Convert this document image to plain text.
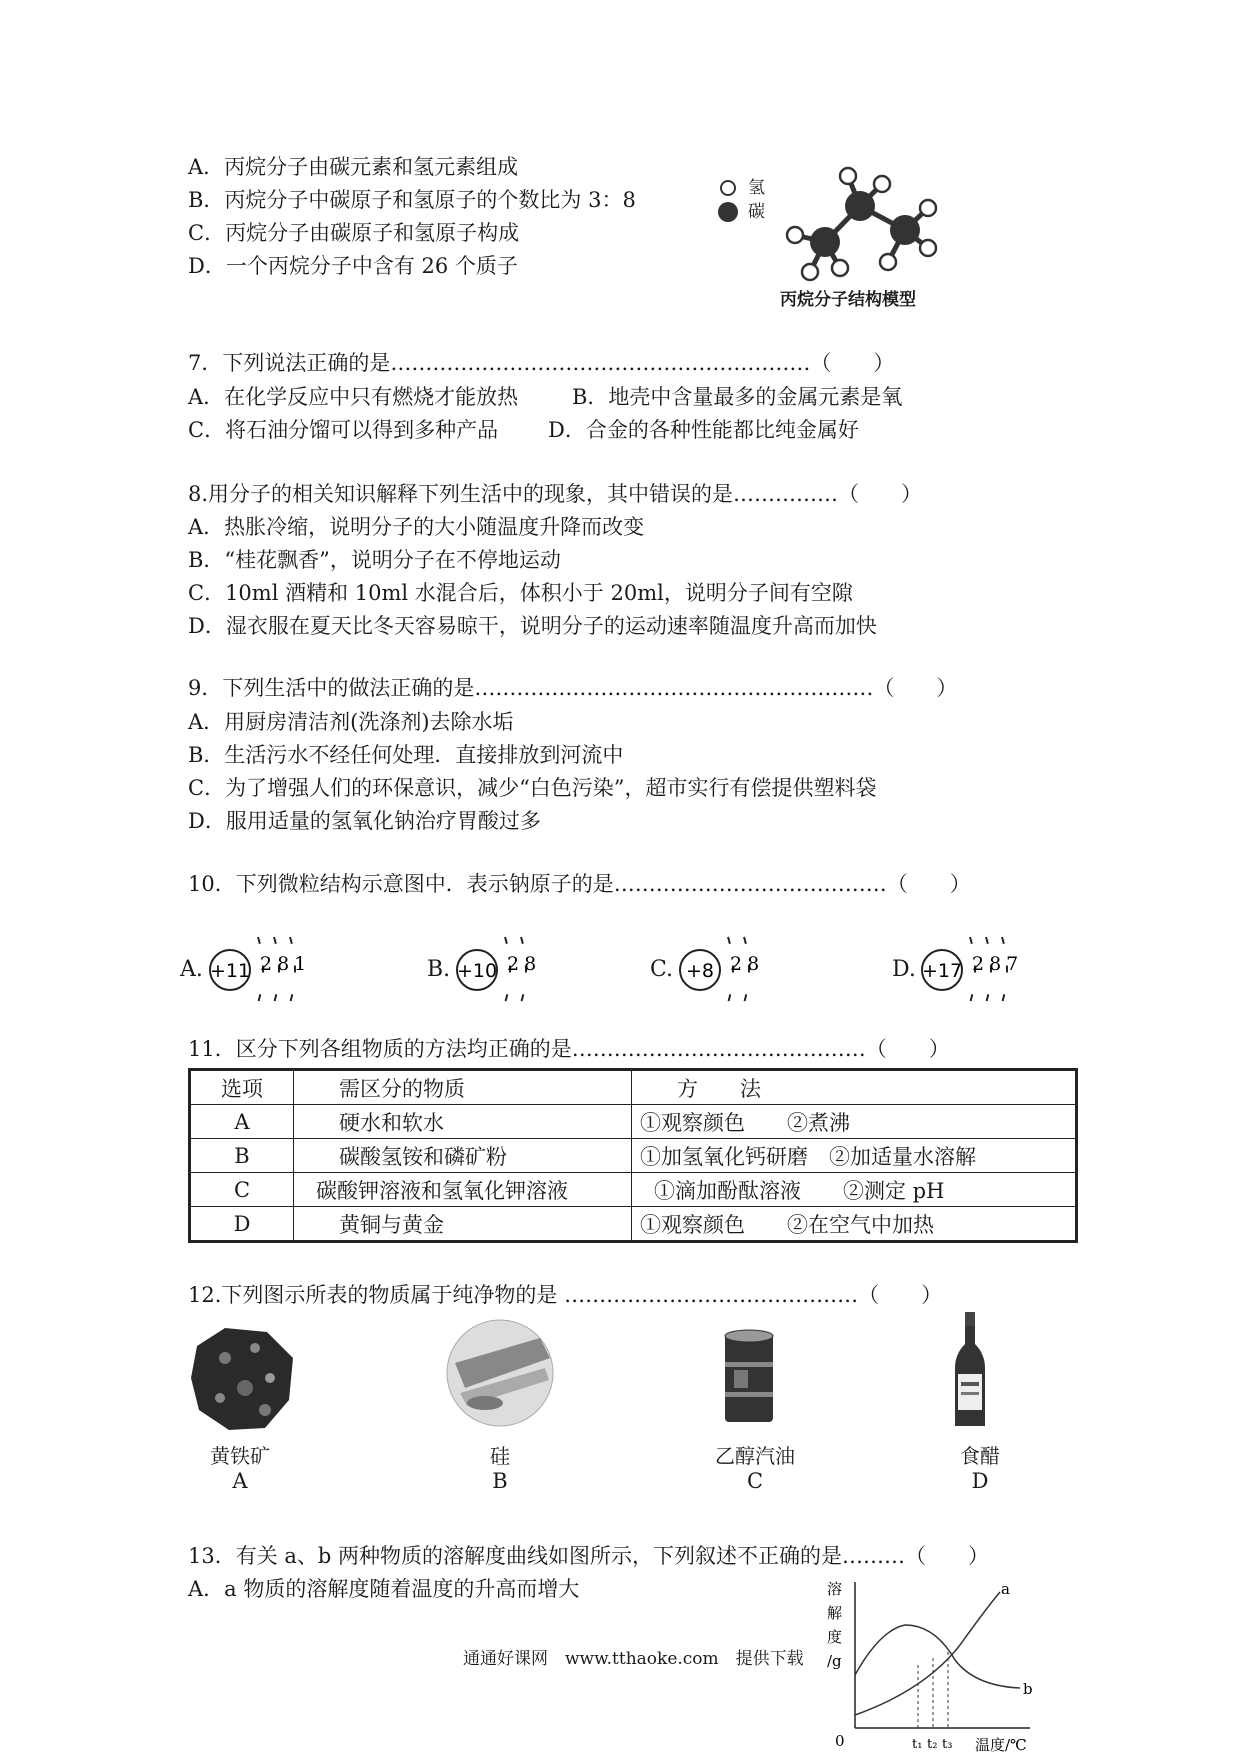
A．丙烷分子由碳元素和氢元素组成
B．丙烷分子中碳原子和氢原子的个数比为 3：8
C．丙烷分子由碳原子和氢原子构成
D．一个丙烷分子中含有 26 个质子
氢
碳
丙烷分子结构模型
7．下列说法正确的是……………………………………………………（　　）
A．在化学反应中只有燃烧才能放热	B．地壳中含量最多的金属元素是氧
C．将石油分馏可以得到多种产品 D．合金的各种性能都比纯金属好
8.用分子的相关知识解释下列生活中的现象，其中错误的是……………（　　）
A．热胀冷缩，说明分子的大小随温度升降而改变
B．“桂花飘香”，说明分子在不停地运动
C．10ml 酒精和 10ml 水混合后，体积小于 20ml，说明分子间有空隙
D．湿衣服在夏天比冬天容易晾干，说明分子的运动速率随温度升高而加快
9．下列生活中的做法正确的是…………………………………………………（　　）
A．用厨房清洁剂(洗涤剂)去除水垢
B．生活污水不经任何处理．直接排放到河流中
C．为了增强人们的环保意识，减少“白色污染”，超市实行有偿提供塑料袋
D．服用适量的氢氧化钠治疗胃酸过多
10．下列微粒结构示意图中．表示钠原子的是…………………………………（　　）
A. +11 281	B. +10 28	C. +8 28	D. +17 287
11．区分下列各组物质的方法均正确的是……………………………………（　　）
选项	需区分的物质	方　　法
A	硬水和软水	①观察颜色　　②煮沸
B	碳酸氢铵和磷矿粉	①加氢氧化钙研磨　②加适量水溶解
C	碳酸钾溶液和氢氧化钾溶液	①滴加酚酞溶液　　②测定 pH
D	黄铜与黄金	①观察颜色　　②在空气中加热
12.下列图示所表的物质属于纯净物的是 ……………………………………（　　）
黄铁矿
A
硅
B
乙醇汽油
C
食醋
D
13．有关 a、b 两种物质的溶解度曲线如图所示，下列叙述不正确的是………（　　）
A．a 物质的溶解度随着温度的升高而增大	a
b
溶
解
度
/g
0	t₁ t₂ t₃ 温度/℃
通通好课网　www.tthaoke.com　提供下载
